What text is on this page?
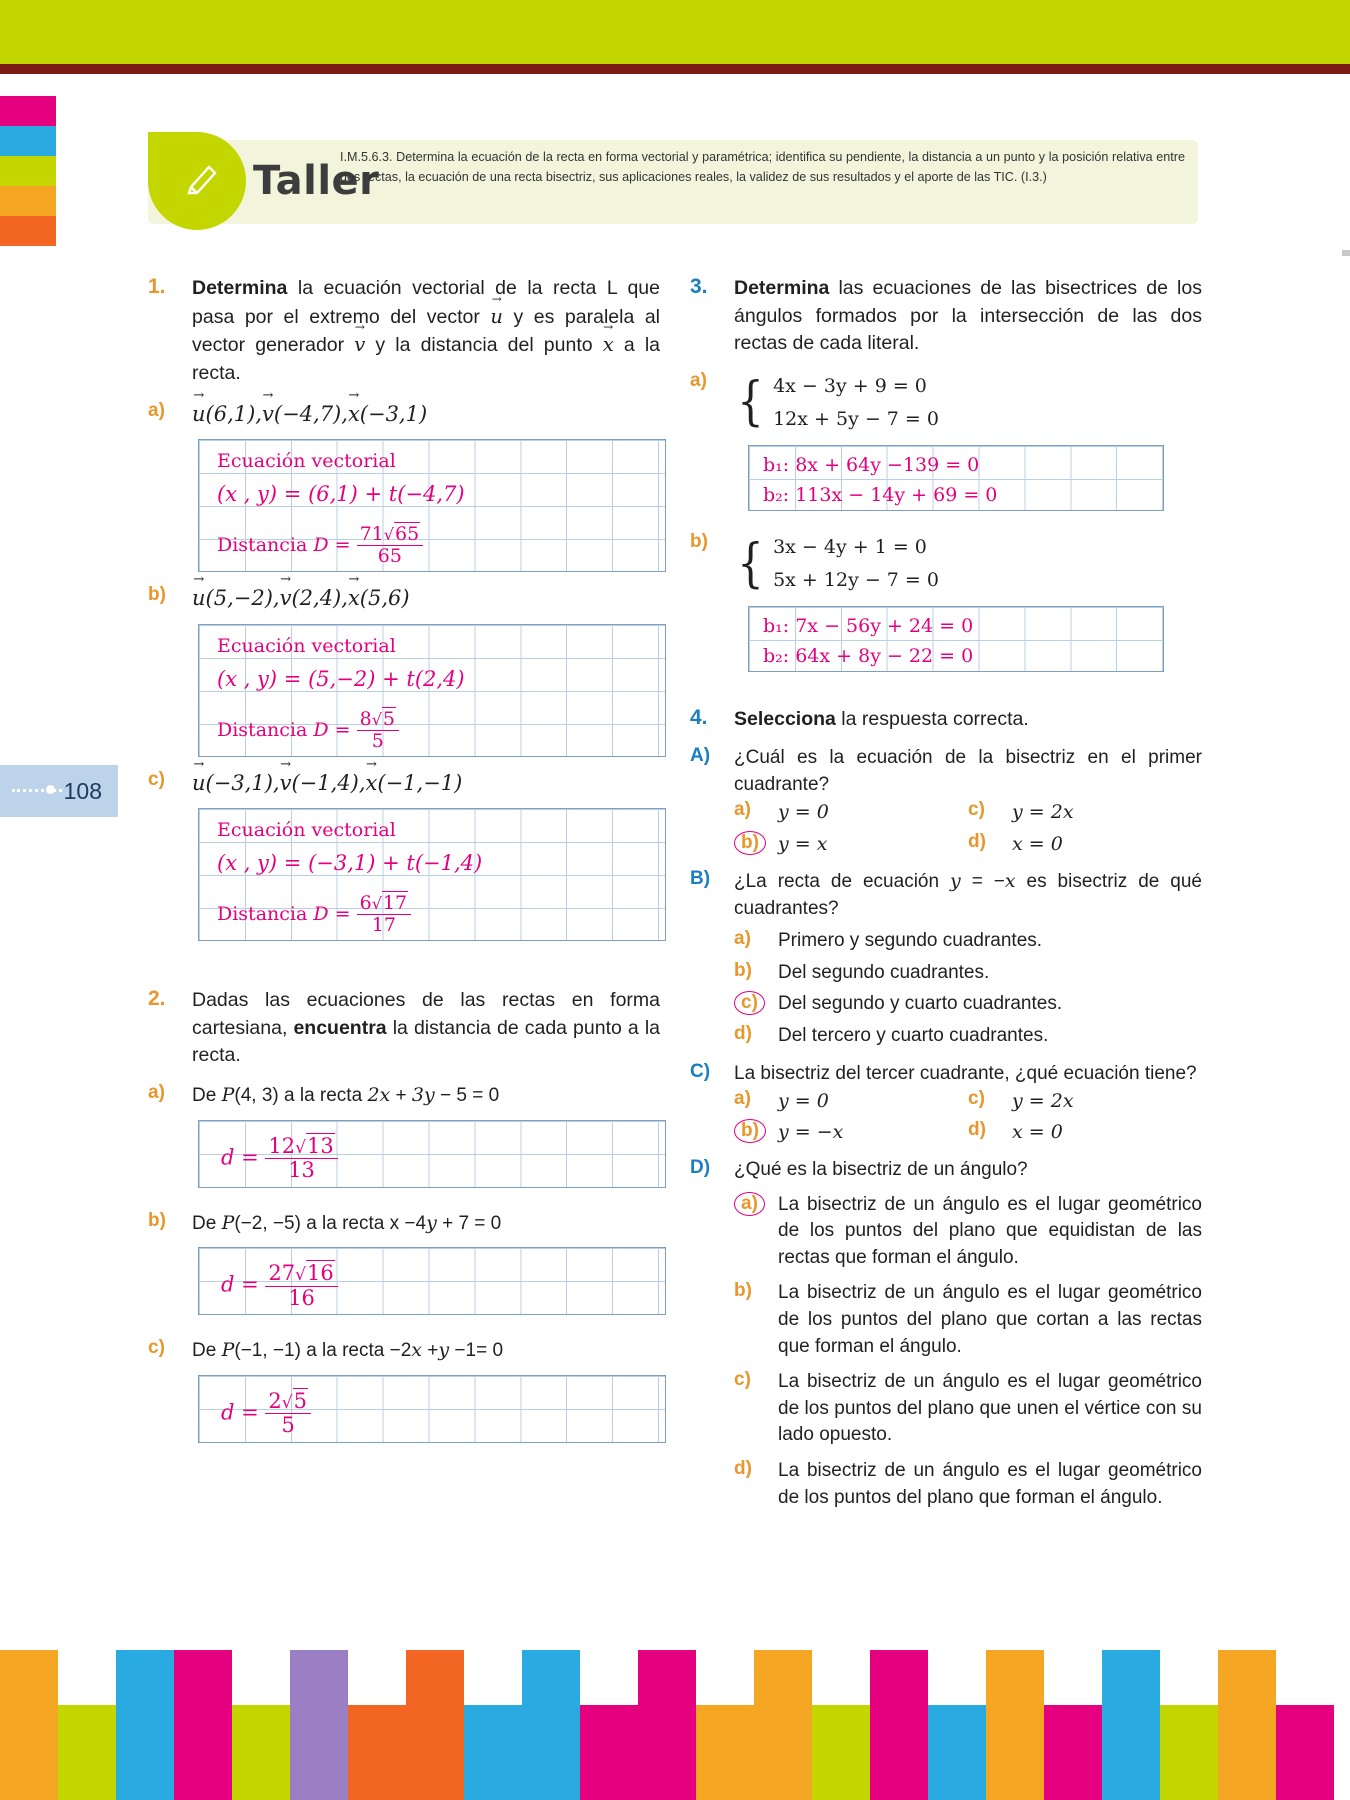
108
Taller
I.M.5.6.3. Determina la ecuación de la recta en forma vectorial y paramétrica; identifica su pendiente, la distancia a un punto y la posición relativa entre dos rectas, la ecuación de una recta bisectriz, sus aplicaciones reales, la validez de sus resultados y el aporte de las TIC. (I.3.)
1.	Determina la ecuación vectorial de la recta L que pasa por el extremo del vector u → y es paralela al vector generador v → y la distancia del punto x → a la recta.
a)	u →(6,1),v →(−4,7),x →(−3,1)
Ecuación vectorial
(x , y) = (6,1) + t(−4,7)
Distancia $D = \frac{71√65}{65}$
b)	u →(5,−2),v →(2,4),x →(5,6)
Ecuación vectorial
(x , y) = (5,−2) + t(2,4)
Distancia $D = \frac{8√5}{5}$
c)	u →(−3,1),v →(−1,4),x →(−1,−1)
Ecuación vectorial
(x , y) = (−3,1) + t(−1,4)
Distancia $D = \frac{6√17}{17}$
2.	Dadas las ecuaciones de las rectas en forma cartesiana, encuentra la distancia de cada punto a la recta.
a)	De P(4, 3) a la recta 2x + 3y − 5 = 0
$d = \frac{12√13}{13}$
b)	De P(−2, −5) a la recta x −4y + 7 = 0
$d = \frac{27√16}{16}$
c)	De P(−1, −1) a la recta −2x +y −1= 0
$d = \frac{2√5}{5}$
3.	Determina las ecuaciones de las bisectrices de los ángulos formados por la intersección de las dos rectas de cada literal.
a) { 4x − 3y + 9 = 0
12x + 5y − 7 = 0
b₁: 8x + 64y −139 = 0
b₂: 113x − 14y + 69 = 0
b) { 3x − 4y + 1 = 0
5x + 12y − 7 = 0
b₁: 7x − 56y + 24 = 0
b₂: 64x + 8y − 22 = 0
4.	Selecciona la respuesta correcta.
A)	¿Cuál es la ecuación de la bisectriz en el primer cuadrante?
a)	y = 0	c)	y = 2x
b)	y = x	d)	x = 0
B)	¿La recta de ecuación y = −x es bisectriz de qué cuadrantes?
a)	Primero y segundo cuadrantes.
b)	Del segundo cuadrantes.
c)	Del segundo y cuarto cuadrantes.
d)	Del tercero y cuarto cuadrantes.
C)	La bisectriz del tercer cuadrante, ¿qué ecuación tiene?
a)	y = 0	c)	y = 2x
b)	y = −x	d)	x = 0
D)	¿Qué es la bisectriz de un ángulo?
a)	La bisectriz de un ángulo es el lugar geométrico de los puntos del plano que equidistan de las rectas que forman el ángulo.
b)	La bisectriz de un ángulo es el lugar geométrico de los puntos del plano que cortan a las rectas que forman el ángulo.
c)	La bisectriz de un ángulo es el lugar geométrico de los puntos del plano que unen el vértice con su lado opuesto.
d)	La bisectriz de un ángulo es el lugar geométrico de los puntos del plano que forman el ángulo.
